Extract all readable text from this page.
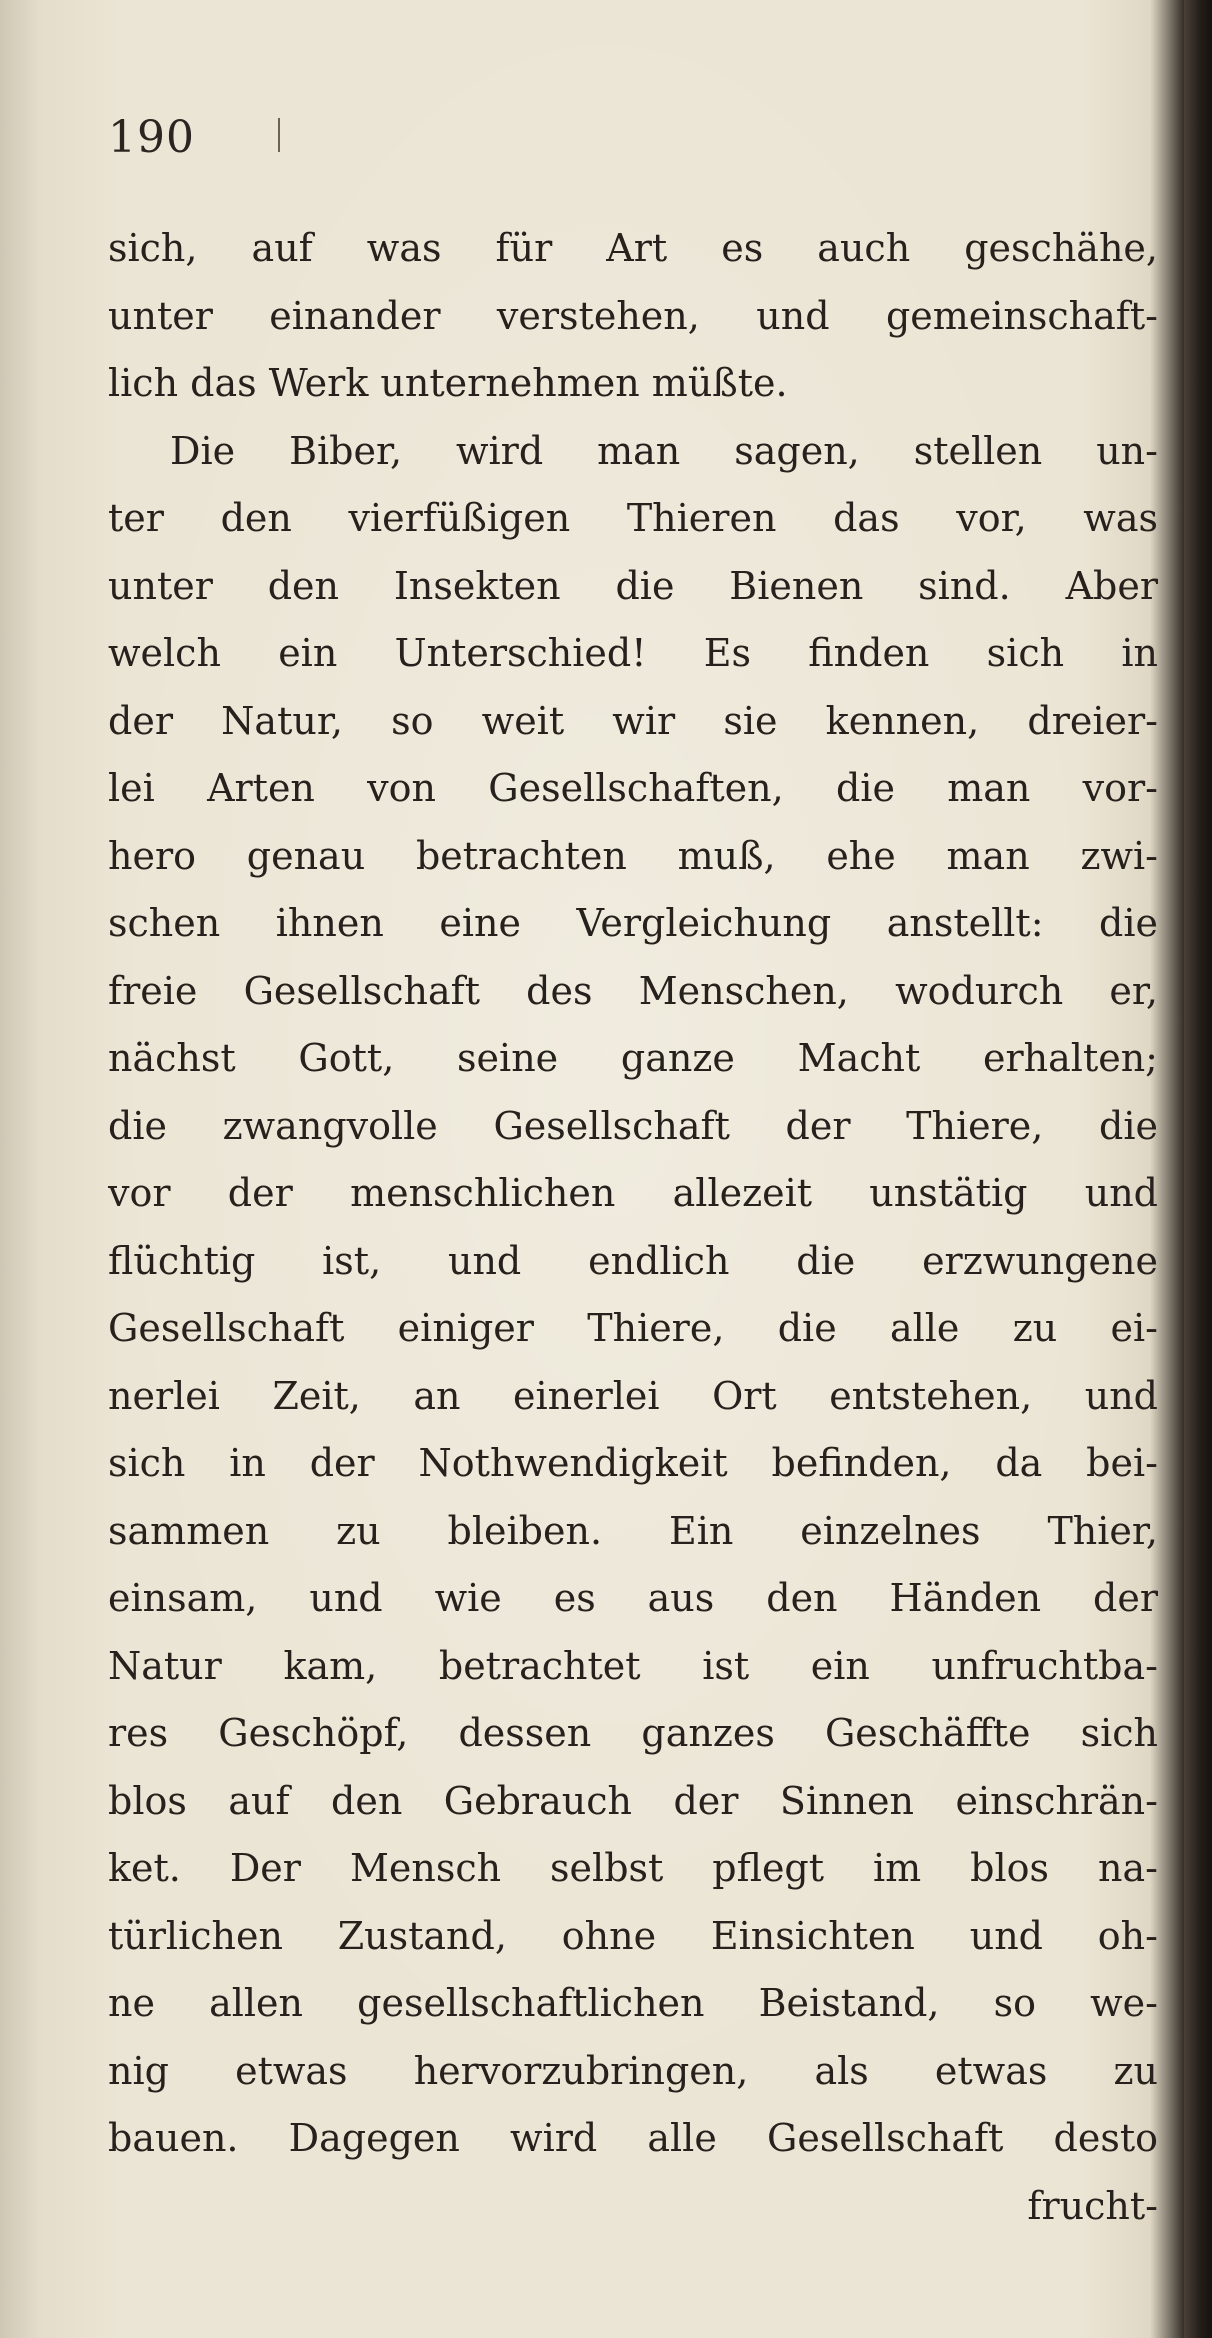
190

sich, auf was für Art es auch geschähe,
unter einander verstehen, und gemeinschaft-
lich das Werk unternehmen müßte.
Die Biber, wird man sagen, stellen un-
ter den vierfüßigen Thieren das vor, was
unter den Insekten die Bienen sind. Aber
welch ein Unterschied! Es finden sich in
der Natur, so weit wir sie kennen, dreier-
lei Arten von Gesellschaften, die man vor-
hero genau betrachten muß, ehe man zwi-
schen ihnen eine Vergleichung anstellt: die
freie Gesellschaft des Menschen, wodurch er,
nächst Gott, seine ganze Macht erhalten;
die zwangvolle Gesellschaft der Thiere, die
vor der menschlichen allezeit unstätig und
flüchtig ist, und endlich die erzwungene
Gesellschaft einiger Thiere, die alle zu ei-
nerlei Zeit, an einerlei Ort entstehen, und
sich in der Nothwendigkeit befinden, da bei-
sammen zu bleiben. Ein einzelnes Thier,
einsam, und wie es aus den Händen der
Natur kam, betrachtet ist ein unfruchtba-
res Geschöpf, dessen ganzes Geschäffte sich
blos auf den Gebrauch der Sinnen einschrän-
ket. Der Mensch selbst pflegt im blos na-
türlichen Zustand, ohne Einsichten und oh-
ne allen gesellschaftlichen Beistand, so we-
nig etwas hervorzubringen, als etwas zu
bauen. Dagegen wird alle Gesellschaft desto
frucht-
